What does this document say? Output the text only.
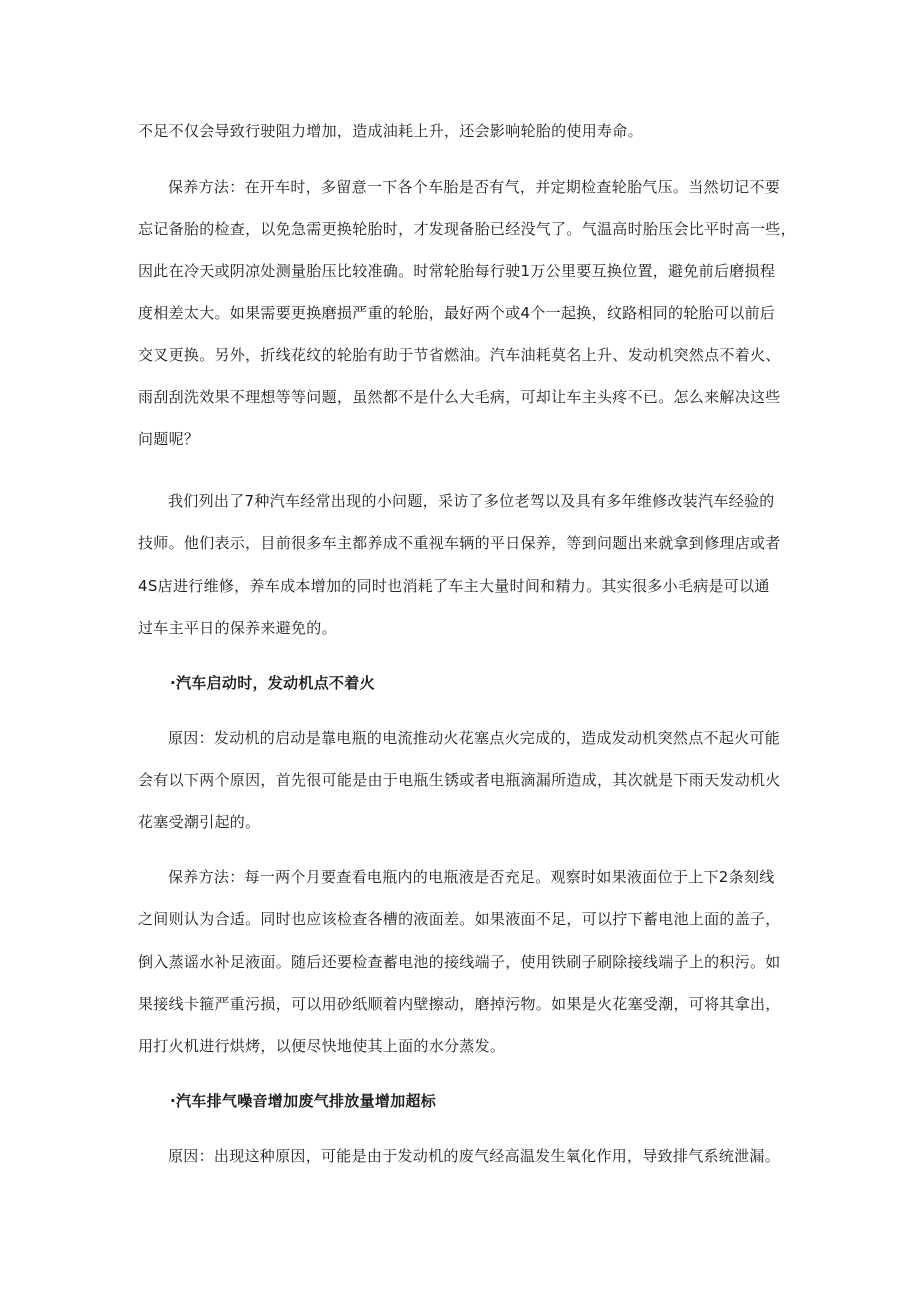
不足不仅会导致行驶阻力增加，造成油耗上升，还会影响轮胎的使用寿命。
保养方法：在开车时，多留意一下各个车胎是否有气，并定期检查轮胎气压。当然切记不要
忘记备胎的检查，以免急需更换轮胎时，才发现备胎已经没气了。气温高时胎压会比平时高一些，
因此在冷天或阴凉处测量胎压比较准确。时常轮胎每行驶1万公里要互换位置，避免前后磨损程
度相差太大。如果需要更换磨损严重的轮胎，最好两个或4个一起换，纹路相同的轮胎可以前后
交叉更换。另外，折线花纹的轮胎有助于节省燃油。汽车油耗莫名上升、发动机突然点不着火、
雨刮刮洗效果不理想等等问题，虽然都不是什么大毛病，可却让车主头疼不已。怎么来解决这些
问题呢？
我们列出了7种汽车经常出现的小问题，采访了多位老驾以及具有多年维修改装汽车经验的
技师。他们表示，目前很多车主都养成不重视车辆的平日保养，等到问题出来就拿到修理店或者
4S店进行维修，养车成本增加的同时也消耗了车主大量时间和精力。其实很多小毛病是可以通
过车主平日的保养来避免的。
·汽车启动时，发动机点不着火
原因：发动机的启动是靠电瓶的电流推动火花塞点火完成的，造成发动机突然点不起火可能
会有以下两个原因，首先很可能是由于电瓶生锈或者电瓶滴漏所造成，其次就是下雨天发动机火
花塞受潮引起的。
保养方法：每一两个月要查看电瓶内的电瓶液是否充足。观察时如果液面位于上下2条刻线
之间则认为合适。同时也应该检查各槽的液面差。如果液面不足，可以拧下蓄电池上面的盖子，
倒入蒸谣水补足液面。随后还要检查蓄电池的接线端子，使用铁刷子刷除接线端子上的积污。如
果接线卡箍严重污损，可以用砂纸顺着内壁擦动，磨掉污物。如果是火花塞受潮，可将其拿出，
用打火机进行烘烤，以便尽快地使其上面的水分蒸发。
·汽车排气噪音增加废气排放量增加超标
原因：出现这种原因，可能是由于发动机的废气经高温发生氧化作用，导致排气系统泄漏。
